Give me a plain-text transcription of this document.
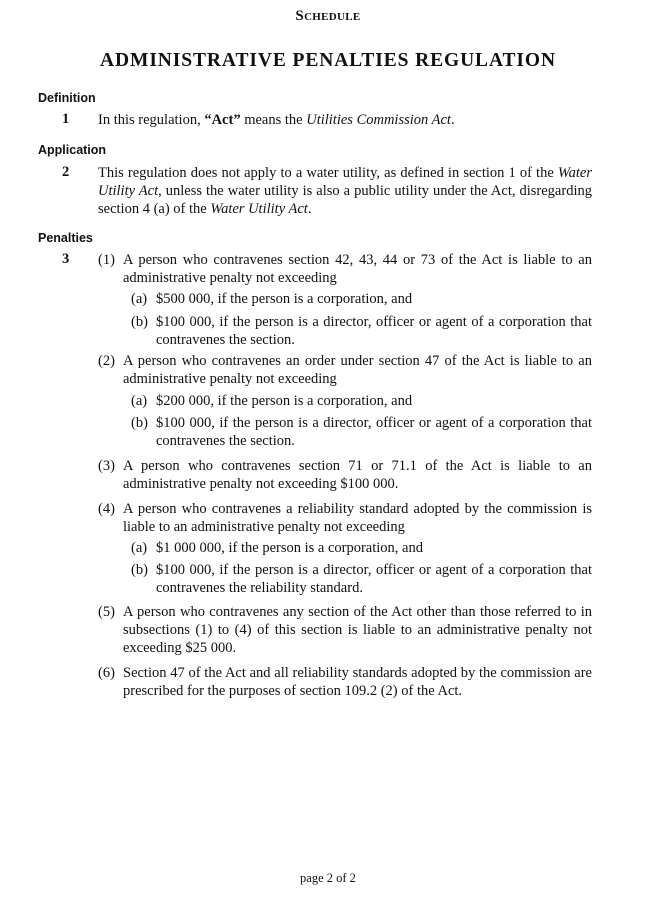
Schedule
ADMINISTRATIVE PENALTIES REGULATION
Definition
1 In this regulation, “Act” means the Utilities Commission Act.
Application
2 This regulation does not apply to a water utility, as defined in section 1 of the Water Utility Act, unless the water utility is also a public utility under the Act, disregarding section 4 (a) of the Water Utility Act.
Penalties
3 (1) A person who contravenes section 42, 43, 44 or 73 of the Act is liable to an administrative penalty not exceeding
(a) $500 000, if the person is a corporation, and
(b) $100 000, if the person is a director, officer or agent of a corporation that contravenes the section.
(2) A person who contravenes an order under section 47 of the Act is liable to an administrative penalty not exceeding
(a) $200 000, if the person is a corporation, and
(b) $100 000, if the person is a director, officer or agent of a corporation that contravenes the section.
(3) A person who contravenes section 71 or 71.1 of the Act is liable to an administrative penalty not exceeding $100 000.
(4) A person who contravenes a reliability standard adopted by the commission is liable to an administrative penalty not exceeding
(a) $1 000 000, if the person is a corporation, and
(b) $100 000, if the person is a director, officer or agent of a corporation that contravenes the reliability standard.
(5) A person who contravenes any section of the Act other than those referred to in subsections (1) to (4) of this section is liable to an administrative penalty not exceeding $25 000.
(6) Section 47 of the Act and all reliability standards adopted by the commission are prescribed for the purposes of section 109.2 (2) of the Act.
page 2 of 2
